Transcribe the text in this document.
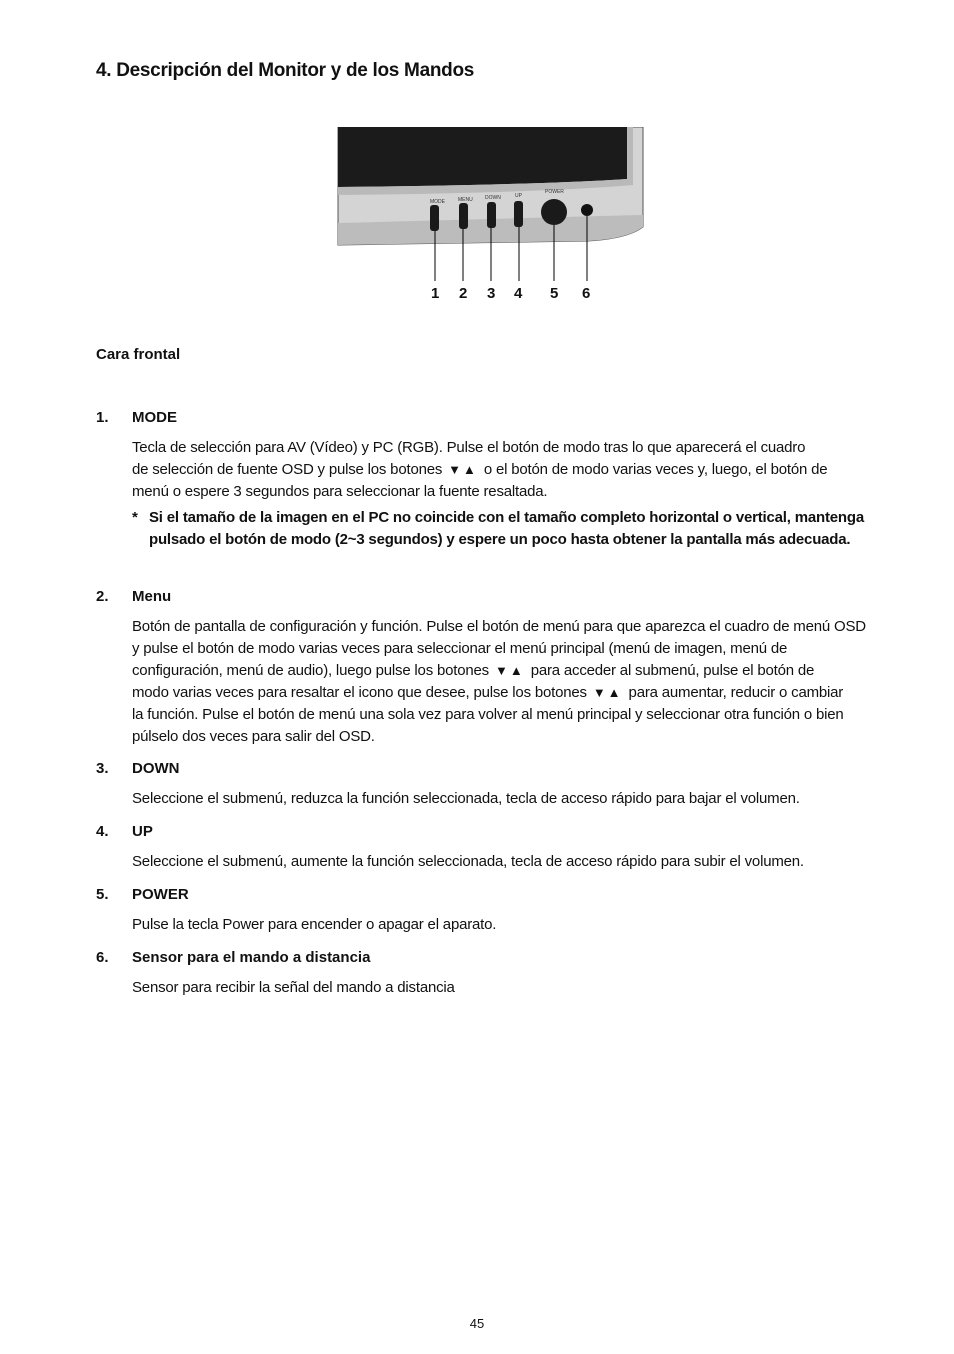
4. Descripción del Monitor y de los Mandos
MODE	MENU DOWN	UP
POWER
1 2 3 4 5 6
Cara frontal
1. MODE
Tecla de selección para AV (Vídeo) y PC (RGB). Pulse el botón de modo tras lo que aparecerá el cuadro
de selección de fuente OSD y pulse los botones ▼▲ o el botón de modo varias veces y, luego, el botón de
menú o espere 3 segundos para seleccionar la fuente resaltada.
* Si el tamaño de la imagen en el PC no coincide con el tamaño completo horizontal o vertical, mantenga pulsado el botón de modo (2~3 segundos) y espere un poco hasta obtener la pantalla más adecuada.
2. Menu
Botón de pantalla de configuración y función. Pulse el botón de menú para que aparezca el cuadro de menú OSD
y pulse el botón de modo varias veces para seleccionar el menú principal (menú de imagen, menú de
configuración, menú de audio), luego pulse los botones ▼▲ para acceder al submenú, pulse el botón de
modo varias veces para resaltar el icono que desee, pulse los botones ▼▲ para aumentar, reducir o cambiar
la función. Pulse el botón de menú una sola vez para volver al menú principal y seleccionar otra función o bien
púlselo dos veces para salir del OSD.
3. DOWN
Seleccione el submenú, reduzca la función seleccionada, tecla de acceso rápido para bajar el volumen.
4. UP
Seleccione el submenú, aumente la función seleccionada, tecla de acceso rápido para subir el volumen.
5. POWER
Pulse la tecla Power para encender o apagar el aparato.
6. Sensor para el mando a distancia
Sensor para recibir la señal del mando a distancia
45
